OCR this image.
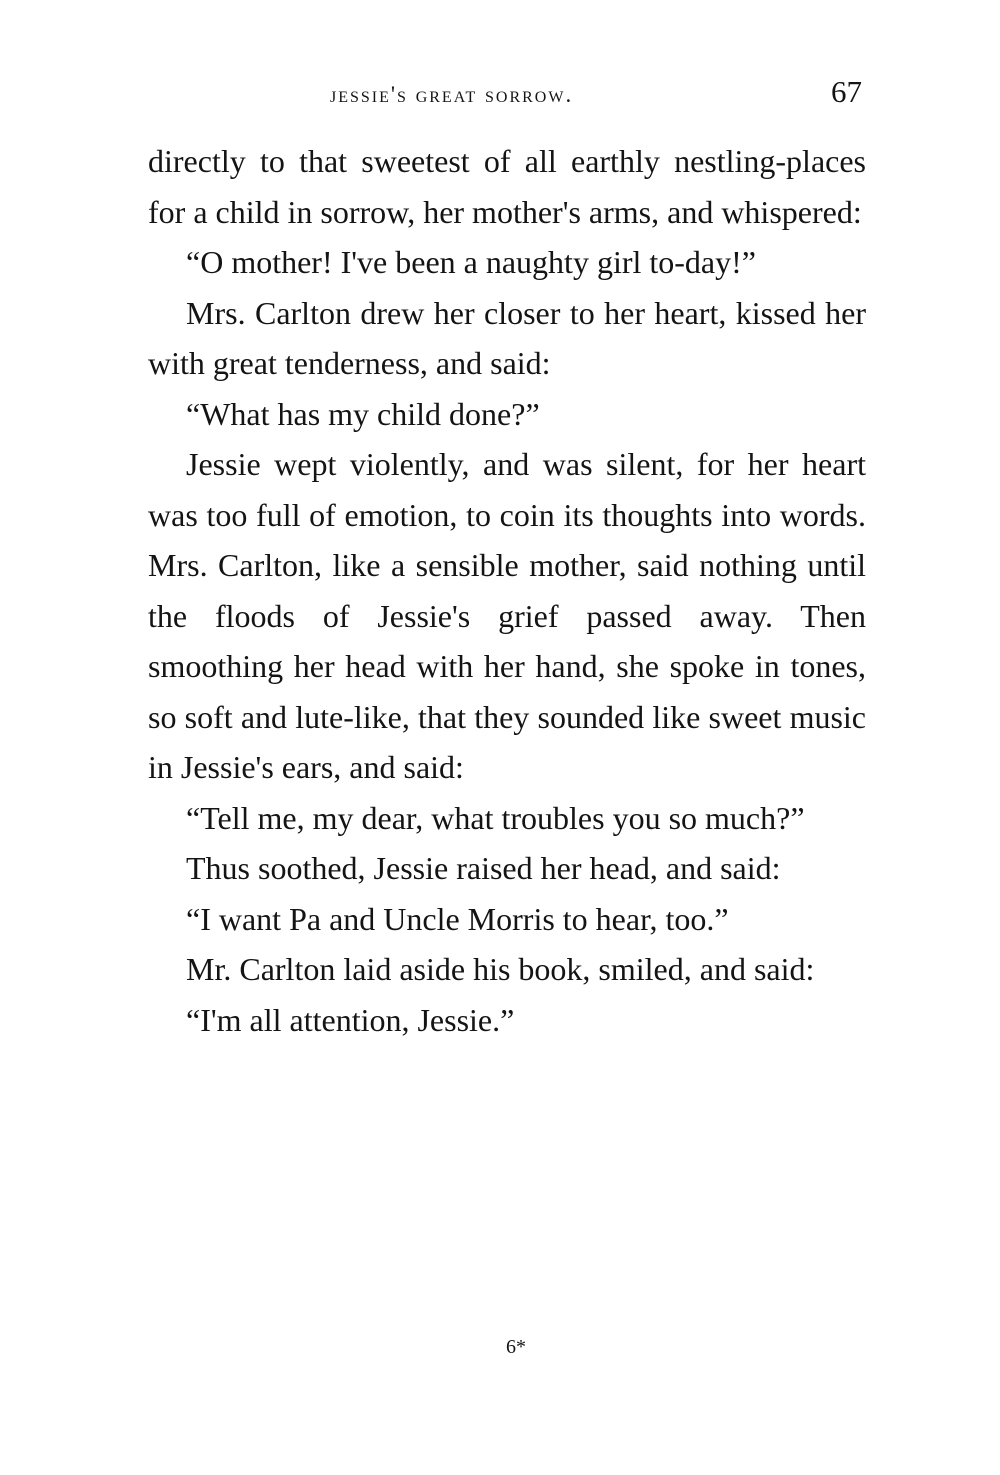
jessie's great sorrow.	67

directly to that sweetest of all earthly nestling-places for a child in sorrow, her mother's arms, and whispered:

“O mother! I've been a naughty girl to-day!”

Mrs. Carlton drew her closer to her heart, kissed her with great tenderness, and said:

“What has my child done?”

Jessie wept violently, and was silent, for her heart was too full of emotion, to coin its thoughts into words. Mrs. Carlton, like a sensible mother, said nothing until the floods of Jessie's grief passed away. Then smoothing her head with her hand, she spoke in tones, so soft and lute-like, that they sounded like sweet music in Jessie's ears, and said:

“Tell me, my dear, what troubles you so much?”

Thus soothed, Jessie raised her head, and said:

“I want Pa and Uncle Morris to hear, too.”

Mr. Carlton laid aside his book, smiled, and said:

“I'm all attention, Jessie.”

6*
